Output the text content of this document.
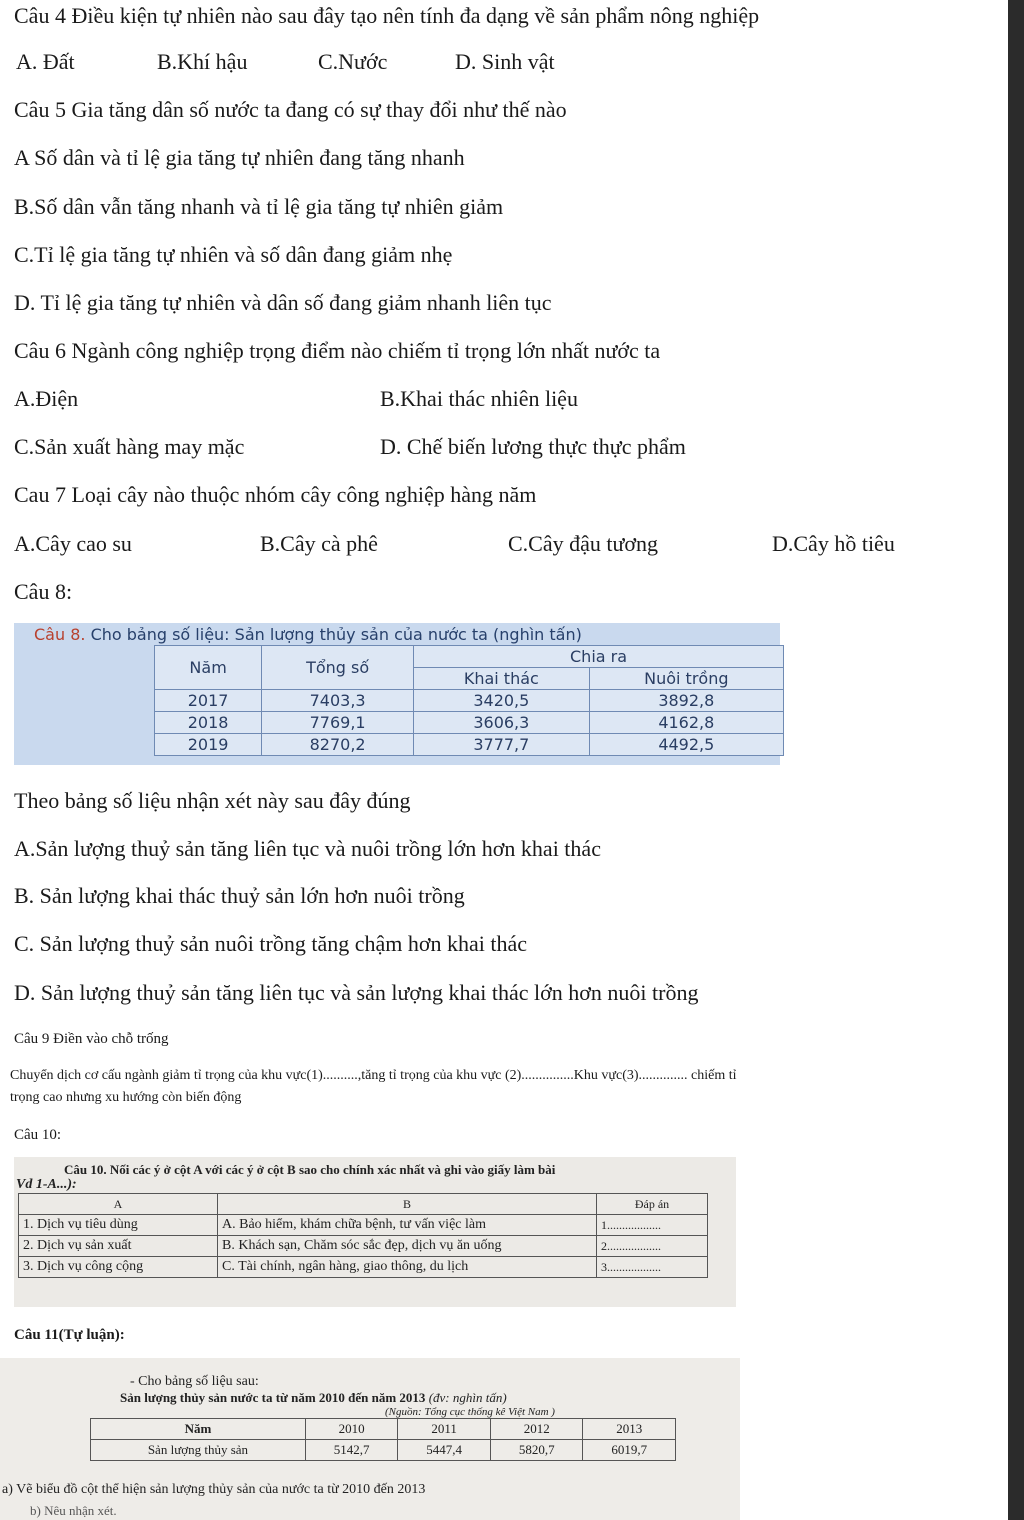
Câu 4 Điều kiện tự nhiên nào sau đây tạo nên tính đa dạng về sản phẩm nông nghiệp
A. Đất	B.Khí hậu	C.Nước	D. Sinh vật
Câu 5 Gia tăng dân số nước ta đang có sự thay đổi như thế nào
A Số dân và tỉ lệ gia tăng tự nhiên đang tăng nhanh
B.Số dân vẫn tăng nhanh và tỉ lệ gia tăng tự nhiên giảm
C.Tỉ lệ gia tăng tự nhiên và số dân đang giảm nhẹ
D. Tỉ lệ gia tăng tự nhiên và dân số đang giảm nhanh liên tục
Câu 6 Ngành công nghiệp trọng điểm nào chiếm tỉ trọng lớn nhất nước ta
A.Điện	B.Khai thác nhiên liệu
C.Sản xuất hàng may mặc	D. Chế biến lương thực thực phẩm
Cau 7 Loại cây nào thuộc nhóm cây công nghiệp hàng năm
A.Cây cao su	B.Cây cà phê	C.Cây đậu tương	D.Cây hồ tiêu
Câu 8:
Câu 8. Cho bảng số liệu: Sản lượng thủy sản của nước ta (nghìn tấn)
Năm	Tổng số	Chia ra	
		Khai thác	Nuôi trồng
2017	7403,3	3420,5	3892,8
2018	7769,1	3606,3	4162,8
2019	8270,2	3777,7	4492,5
Theo bảng số liệu nhận xét này sau đây đúng
A.Sản lượng thuỷ sản tăng liên tục và nuôi trồng lớn hơn khai thác
B. Sản lượng khai thác thuỷ sản lớn hơn nuôi trồng
C. Sản lượng thuỷ sản nuôi trồng tăng chậm hơn khai thác
D. Sản lượng thuỷ sản tăng liên tục và sản lượng khai thác lớn hơn nuôi trồng
Câu 9 Điền vào chỗ trống
Chuyển dịch cơ cấu ngành giảm tỉ trọng của khu vực(1)..........,tăng tỉ trọng của khu vực (2)...............Khu vực(3).............. chiếm tỉ
trọng cao nhưng xu hướng còn biến động
Câu 10:
Câu 10. Nối các ý ở cột A với các ý ở cột B sao cho chính xác nhất và ghi vào giấy làm bài
Vd 1-A...):
A	B	Đáp án
1. Dịch vụ tiêu dùng	A. Bảo hiểm, khám chữa bệnh, tư vấn việc làm	1..................
2. Dịch vụ sản xuất	B. Khách sạn, Chăm sóc sắc đẹp, dịch vụ ăn uống	2..................
3. Dịch vụ công cộng	C. Tài chính, ngân hàng, giao thông, du lịch	3..................
Câu 11(Tự luận):
- Cho bảng số liệu sau:
Sản lượng thủy sản nước ta từ năm 2010 đến năm 2013 (đv: nghìn tấn)
(Nguồn: Tổng cục thống kê Việt Nam )
Năm	2010	2011	2012	2013
Sản lượng thủy sản	5142,7	5447,4	5820,7	6019,7
a) Vẽ biểu đồ cột thể hiện sản lượng thủy sản của nước ta từ 2010 đến 2013
b) Nêu nhận xét.
